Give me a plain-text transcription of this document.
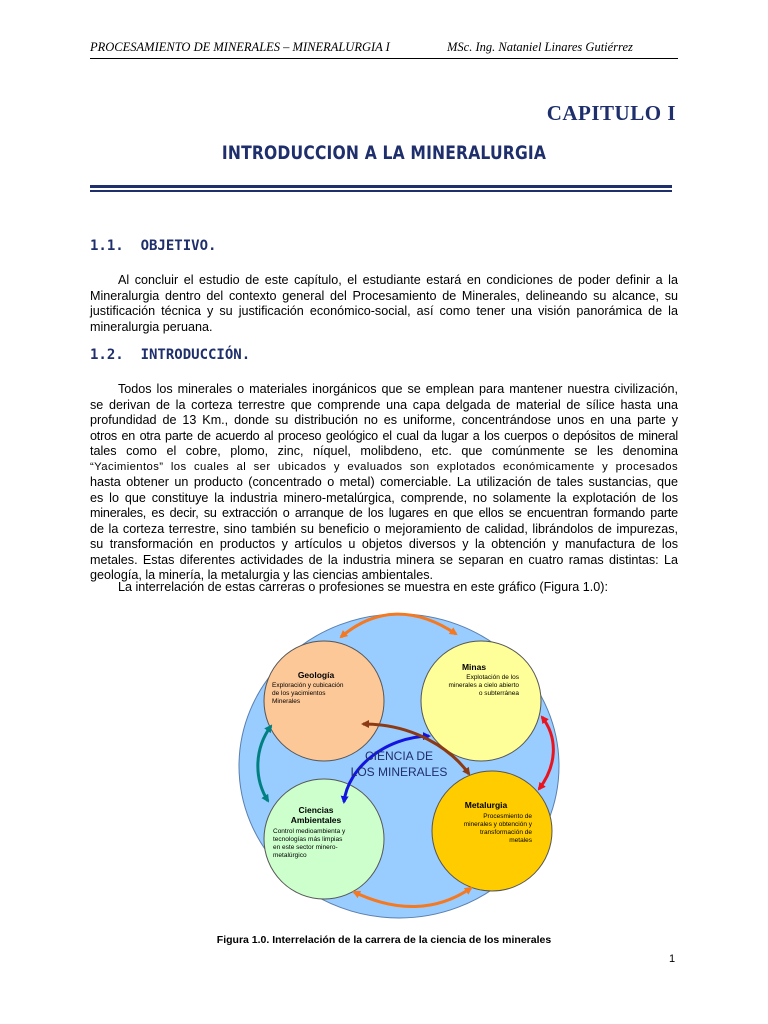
PROCESAMIENTO DE MINERALES – MINERALURGIA I	MSc. Ing. Nataniel Linares Gutiérrez
CAPITULO I
INTRODUCCION A LA MINERALURGIA
1.1. OBJETIVO.
Al concluir el estudio de este capítulo, el estudiante estará en condiciones de poder definir a la
Mineralurgia dentro del contexto general del Procesamiento de Minerales, delineando su alcance, su
justificación técnica y su justificación económico-social, así como tener una visión panorámica de la
mineralurgia peruana.
1.2. INTRODUCCIÓN.
Todos los minerales o materiales inorgánicos que se emplean para mantener nuestra civilización,
se derivan de la corteza terrestre que comprende una capa delgada de material de sílice hasta una
profundidad de 13 Km., donde su distribución no es uniforme, concentrándose unos en una parte y
otros en otra parte de acuerdo al proceso geológico el cual da lugar a los cuerpos o depósitos de mineral
tales como el cobre, plomo, zinc, níquel, molibdeno, etc. que comúnmente se les denomina
“Yacimientos” los cuales al ser ubicados y evaluados son explotados económicamente y procesados
hasta obtener un producto (concentrado o metal) comerciable. La utilización de tales sustancias, que
es lo que constituye la industria minero-metalúrgica, comprende, no solamente la explotación de los
minerales, es decir, su extracción o arranque de los lugares en que ellos se encuentran formando parte
de la corteza terrestre, sino también su beneficio o mejoramiento de calidad, librándolos de impurezas,
su transformación en productos y artículos u objetos diversos y la obtención y manufactura de los
metales. Estas diferentes actividades de la industria minera se separan en cuatro ramas distintas: La
geología, la minería, la metalurgia y las ciencias ambientales.
La interrelación de estas carreras o profesiones se muestra en este gráfico (Figura 1.0):
CIENCIA DE
LOS MINERALES
Geología
Exploración y cubicación
de los yacimientos
Minerales
Minas
Explotación de los
minerales a cielo abierto
o subterránea
Ciencias
Ambientales
Control medioambienta y
tecnologías más limpias
en este sector minero-
metalúrgico
Metalurgia
Procesmiento de
minerales y obtención y
transformación de
metales
Figura 1.0. Interrelación de la carrera de la ciencia de los minerales
1
